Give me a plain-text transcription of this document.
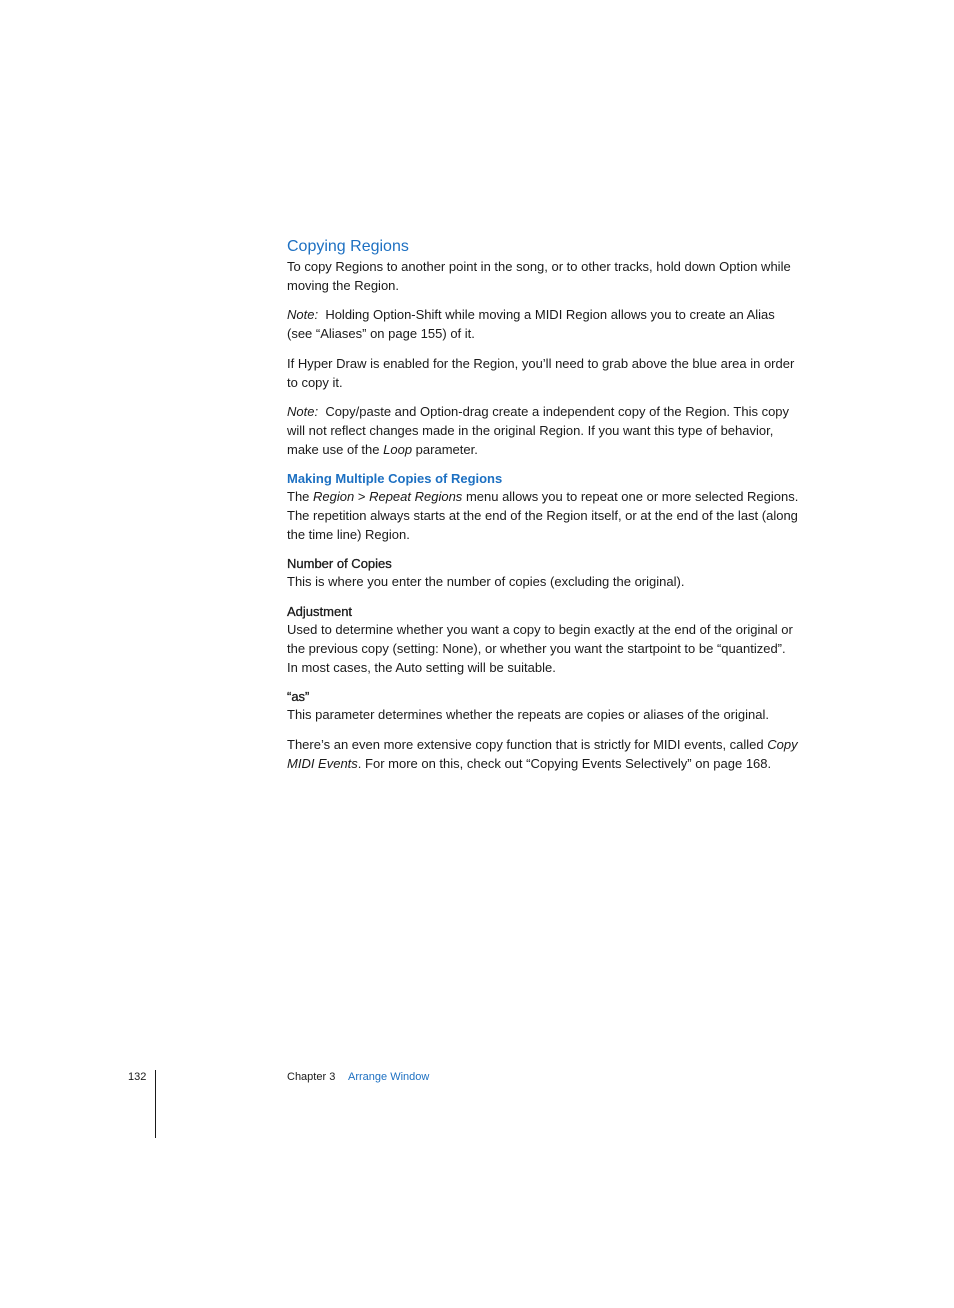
Copying Regions

To copy Regions to another point in the song, or to other tracks, hold down Option while moving the Region.

Note: Holding Option-Shift while moving a MIDI Region allows you to create an Alias (see “Aliases” on page 155) of it.

If Hyper Draw is enabled for the Region, you’ll need to grab above the blue area in order to copy it.

Note: Copy/paste and Option-drag create a independent copy of the Region. This copy will not reflect changes made in the original Region. If you want this type of behavior, make use of the Loop parameter.

Making Multiple Copies of Regions

The Region > Repeat Regions menu allows you to repeat one or more selected Regions. The repetition always starts at the end of the Region itself, or at the end of the last (along the time line) Region.

Number of Copies

This is where you enter the number of copies (excluding the original).

Adjustment

Used to determine whether you want a copy to begin exactly at the end of the original or the previous copy (setting: None), or whether you want the startpoint to be “quantized”. In most cases, the Auto setting will be suitable.

“as”

This parameter determines whether the repeats are copies or aliases of the original.

There’s an even more extensive copy function that is strictly for MIDI events, called Copy MIDI Events. For more on this, check out “Copying Events Selectively” on page 168.

132	Chapter 3 Arrange Window
